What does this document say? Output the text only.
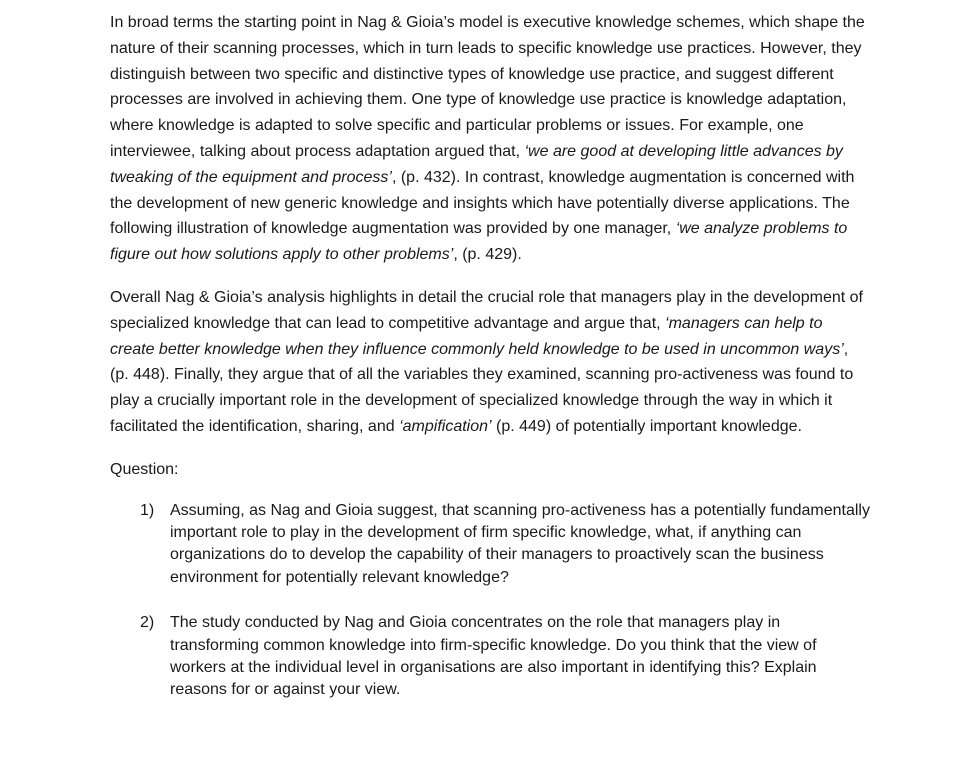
In broad terms the starting point in Nag & Gioia’s model is executive knowledge schemes, which shape the nature of their scanning processes, which in turn leads to specific knowledge use practices. However, they distinguish between two specific and distinctive types of knowledge use practice, and suggest different processes are involved in achieving them. One type of knowledge use practice is knowledge adaptation, where knowledge is adapted to solve specific and particular problems or issues. For example, one interviewee, talking about process adaptation argued that, ‘we are good at developing little advances by tweaking of the equipment and process’, (p. 432). In contrast, knowledge augmentation is concerned with the development of new generic knowledge and insights which have potentially diverse applications. The following illustration of knowledge augmentation was provided by one manager, ‘we analyze problems to figure out how solutions apply to other problems’, (p. 429).

Overall Nag & Gioia’s analysis highlights in detail the crucial role that managers play in the development of specialized knowledge that can lead to competitive advantage and argue that, ‘managers can help to create better knowledge when they influence commonly held knowledge to be used in uncommon ways’, (p. 448). Finally, they argue that of all the variables they examined, scanning pro-activeness was found to play a crucially important role in the development of specialized knowledge through the way in which it facilitated the identification, sharing, and ‘ampification’ (p. 449) of potentially important knowledge.

Question:
1) Assuming, as Nag and Gioia suggest, that scanning pro-activeness has a potentially fundamentally important role to play in the development of firm specific knowledge, what, if anything can organizations do to develop the capability of their managers to proactively scan the business environment for potentially relevant knowledge?
2) The study conducted by Nag and Gioia concentrates on the role that managers play in transforming common knowledge into firm-specific knowledge. Do you think that the view of workers at the individual level in organisations are also important in identifying this? Explain reasons for or against your view.
